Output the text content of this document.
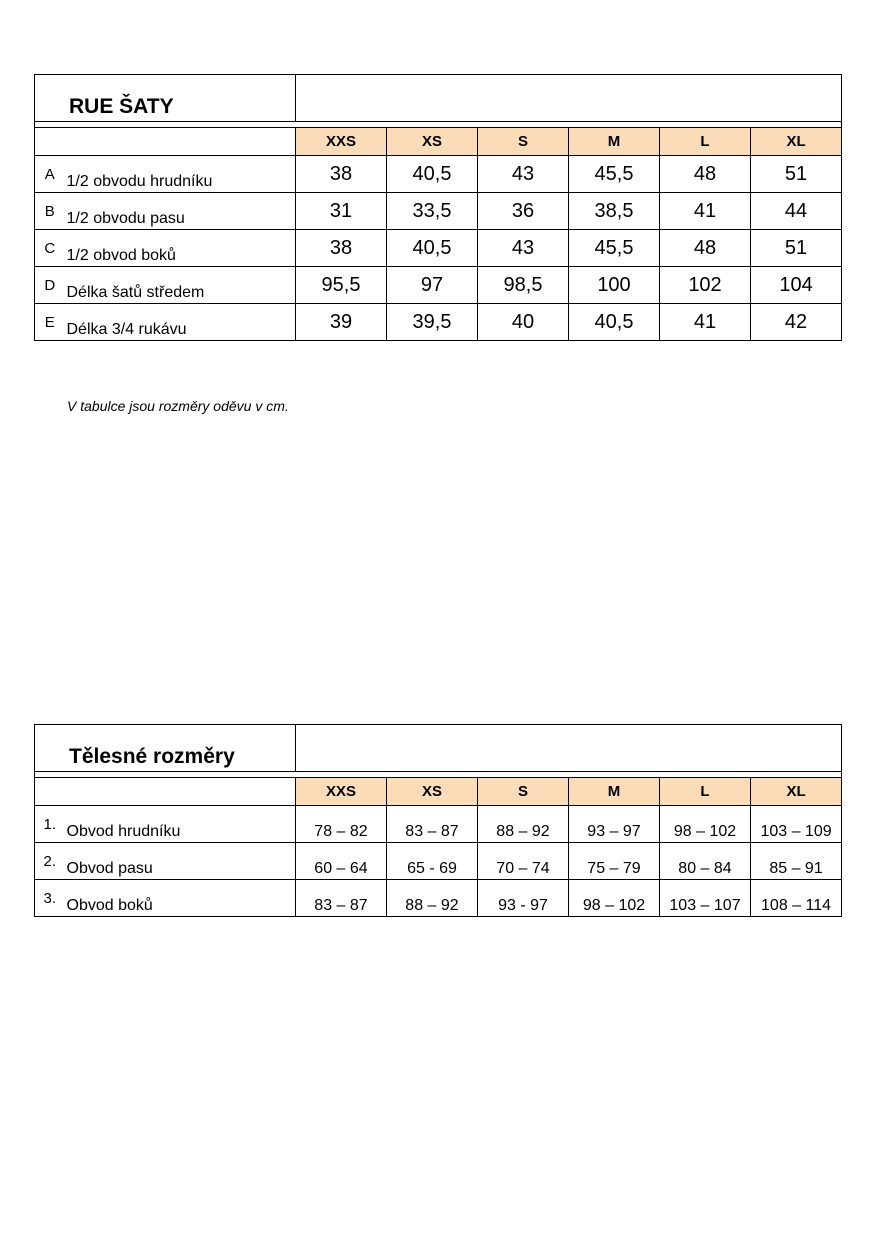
RUE ŠATY							

		XXS	XS	S	M	L	XL
A	1/2 obvodu hrudníku	38	40,5	43	45,5	48	51
B	1/2 obvodu pasu	31	33,5	36	38,5	41	44
C	1/2 obvod boků	38	40,5	43	45,5	48	51
D	Délka šatů středem	95,5	97	98,5	100	102	104
E	Délka 3/4 rukávu	39	39,5	40	40,5	41	42
V tabulce jsou rozměry oděvu v cm.
Tělesné rozměry							

		XXS	XS	S	M	L	XL
1.	Obvod hrudníku	78 – 82	83 – 87	88 – 92	93 – 97	98 – 102	103 – 109
2.	Obvod pasu	60 – 64	65 - 69	70 – 74	75 – 79	80 – 84	85 – 91
3.	Obvod boků	83 – 87	88 – 92	93 - 97	98 – 102	103 – 107	108 – 114
